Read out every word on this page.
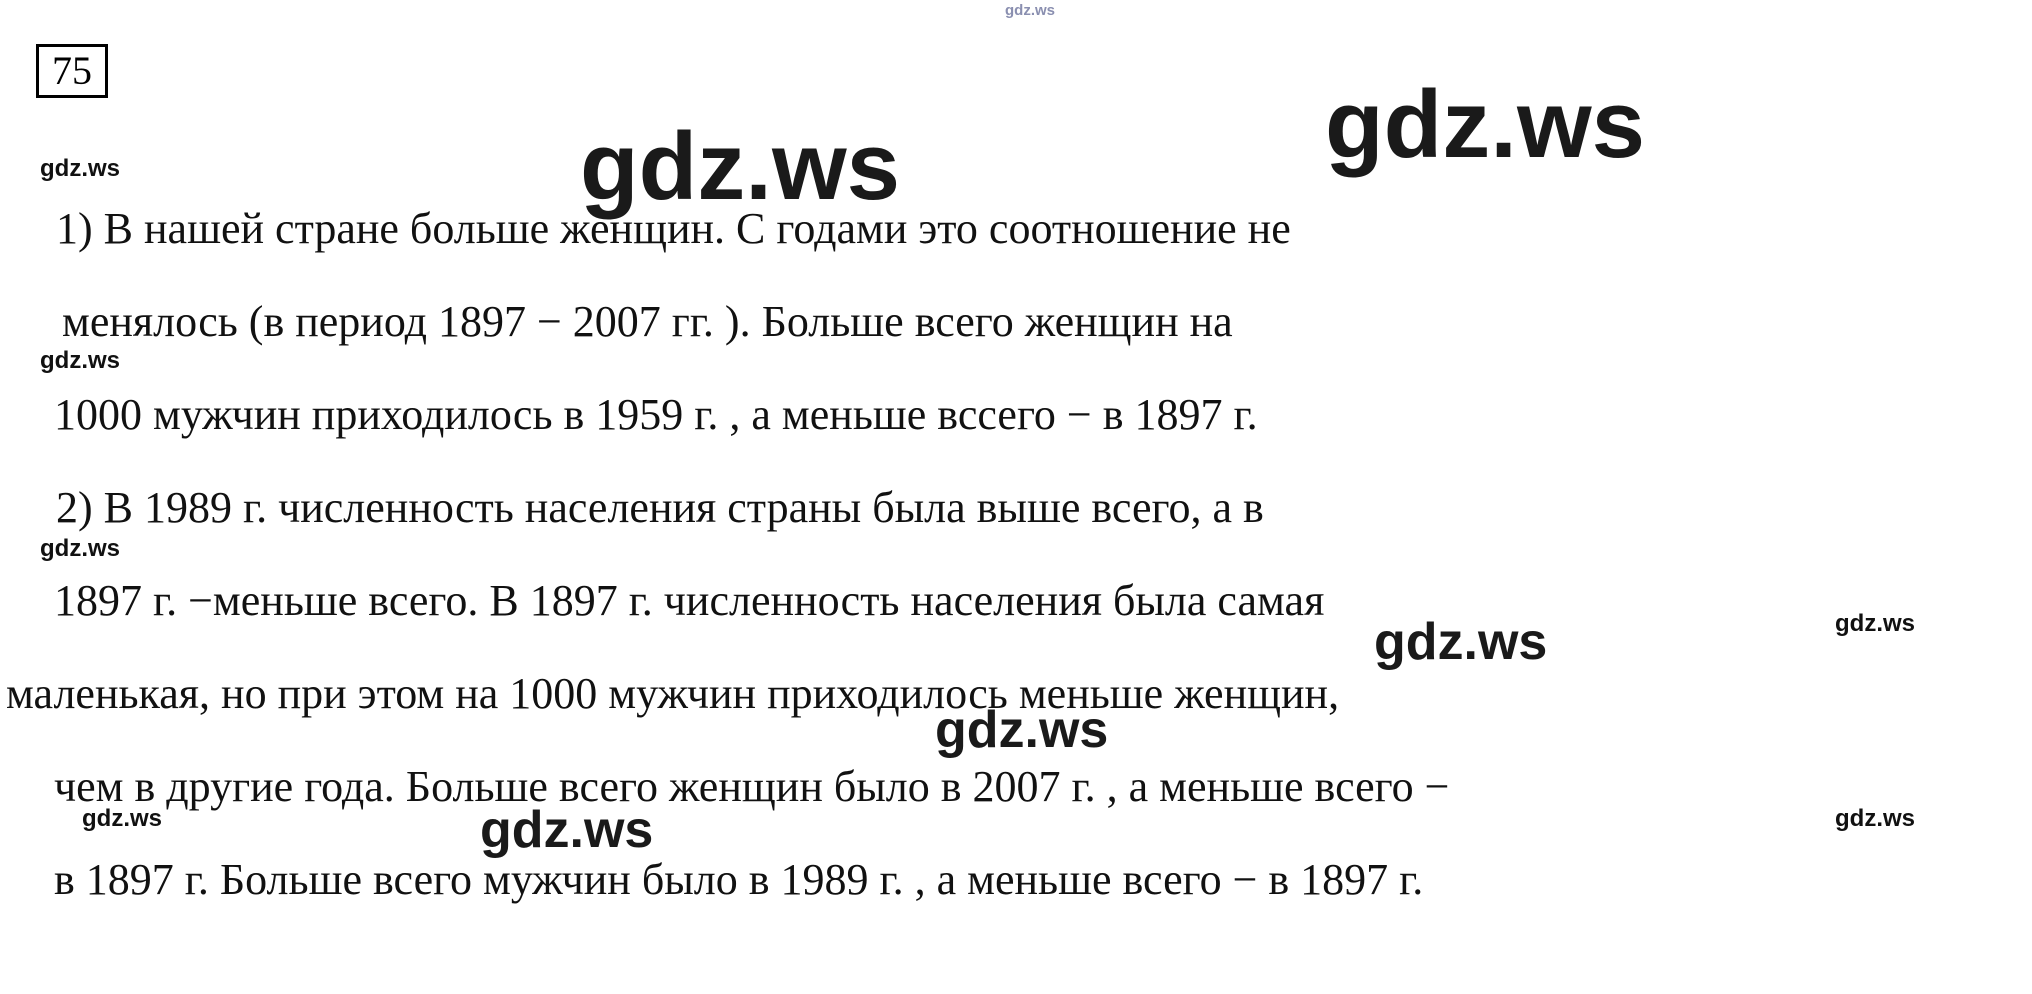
75
1) В нашей стране больше женщин. С годами это соотношение не
менялось (в период 1897 − 2007 гг. ). Больше всего женщин на
1000 мужчин приходилось в 1959 г. , а меньше вссего − в 1897 г.
2) В 1989 г. численность населения страны была выше всего, а в
1897 г. −меньше всего. В 1897 г. численность населения была самая
маленькая, но при этом на 1000 мужчин приходилось меньше женщин,
чем в другие года. Больше всего женщин было в 2007 г. , а меньше всего −
в 1897 г. Больше всего мужчин было в 1989 г. , а меньше всего − в 1897 г.
gdz.ws
gdz.ws	gdz.ws
gdz.ws
gdz.ws
gdz.ws
gdz.ws
gdz.ws
gdz.ws
gdz.ws
gdz.ws	gdz.ws
